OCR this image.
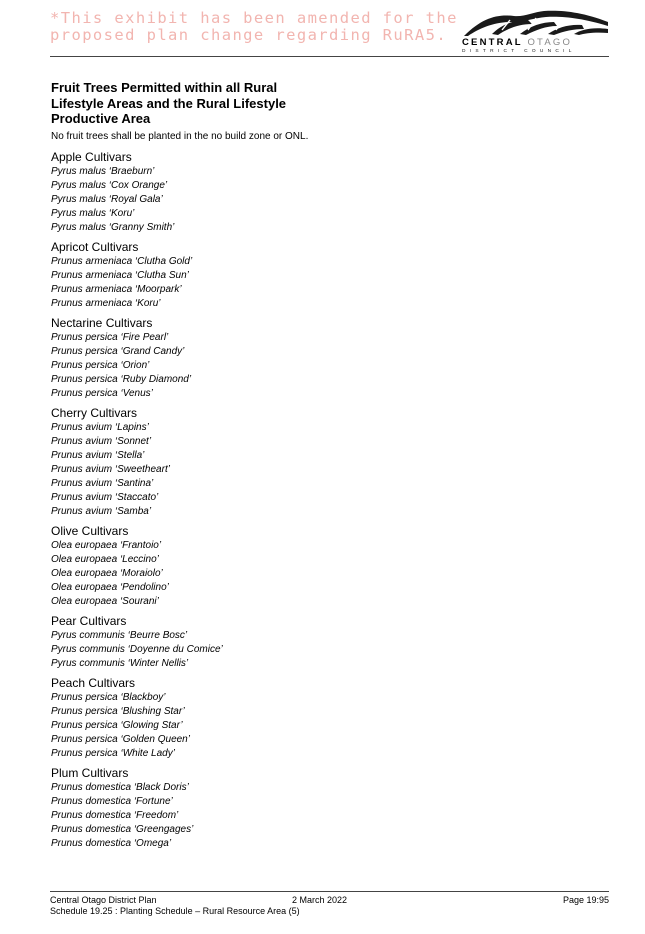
*This exhibit has been amended for the
proposed plan change regarding RuRA5.	CENTRAL OTAGO
DISTRICT COUNCIL
Fruit Trees Permitted within all Rural Lifestyle Areas and the Rural Lifestyle Productive Area

No fruit trees shall be planted in the no build zone or ONL.

Apple Cultivars
Pyrus malus ‘Braeburn’
Pyrus malus ‘Cox Orange’
Pyrus malus ‘Royal Gala’
Pyrus malus ‘Koru’
Pyrus malus ‘Granny Smith’
Apricot Cultivars
Prunus armeniaca ‘Clutha Gold’
Prunus armeniaca ‘Clutha Sun’
Prunus armeniaca ‘Moorpark’
Prunus armeniaca ‘Koru’
Nectarine Cultivars
Prunus persica ‘Fire Pearl’
Prunus persica ‘Grand Candy’
Prunus persica ‘Orion’
Prunus persica ‘Ruby Diamond’
Prunus persica ‘Venus’
Cherry Cultivars
Prunus avium ‘Lapins’
Prunus avium ‘Sonnet’
Prunus avium ‘Stella’
Prunus avium ‘Sweetheart’
Prunus avium ‘Santina’
Prunus avium ‘Staccato’
Prunus avium ‘Samba’
Olive Cultivars
Olea europaea ‘Frantoio’
Olea europaea ‘Leccino’
Olea europaea ‘Moraiolo’
Olea europaea ‘Pendolino’
Olea europaea ‘Sourani’
Pear Cultivars
Pyrus communis ‘Beurre Bosc’
Pyrus communis ‘Doyenne du Comice’
Pyrus communis ‘Winter Nellis’
Peach Cultivars
Prunus persica ‘Blackboy’
Prunus persica ‘Blushing Star’
Prunus persica ‘Glowing Star’
Prunus persica ‘Golden Queen’
Prunus persica ‘White Lady’
Plum Cultivars
Prunus domestica ‘Black Doris’
Prunus domestica ‘Fortune’
Prunus domestica ‘Freedom’
Prunus domestica ‘Greengages’
Prunus domestica ‘Omega’
Central Otago District Plan	2 March 2022	Page 19:95
Schedule 19.25 : Planting Schedule – Rural Resource Area (5)
